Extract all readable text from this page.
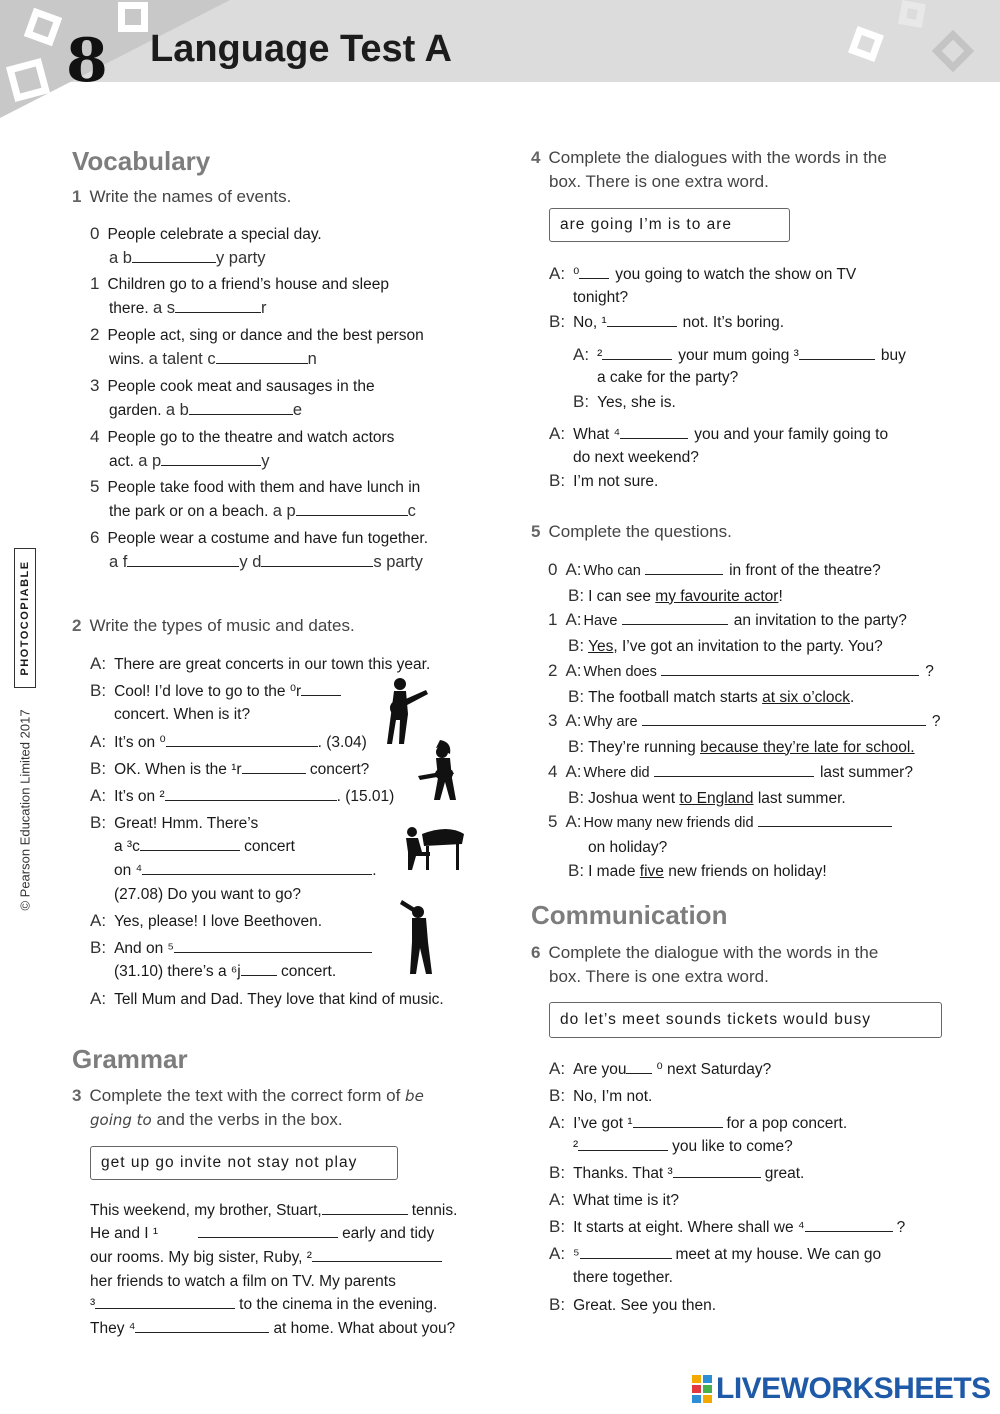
8 Language Test A
PHOTOCOPIABLE
© Pearson Education Limited 2017
Vocabulary
1 Write the names of events.
0 People celebrate a special day.
a b	y party
1 Children go to a friend’s house and sleep
there. a s	r
2 People act, sing or dance and the best person
wins. a talent c	n
3 People cook meat and sausages in the
garden. a b	e
4 People go to the theatre and watch actors
act. a p	y
5 People take food with them and have lunch in
the park or on a beach. a p	c
6 People wear a costume and have fun together.
a f	y d	s party
2 Write the types of music and dates.
A: There are great concerts in our town this year.
B: Cool! I’d love to go to the ⁰r
concert. When is it?
A: It’s on ⁰	. (3.04)
B: OK. When is the ¹r	concert?
A: It’s on ²	. (15.01)
B: Great! Hmm. There’s
a ³c	concert
on ⁴	.
(27.08) Do you want to go?
A: Yes, please! I love Beethoven.
B: And on ⁵
(31.10) there’s a ⁶j concert.
A: Tell Mum and Dad. They love that kind of music.
Grammar
3 Complete the text with the correct form of be
going to and the verbs in the box.
get up go invite not stay not play
This weekend, my brother, Stuart,	tennis.
He and I ¹	early and tidy
our rooms. My big sister, Ruby, ²
her friends to watch a film on TV. My parents
³	to the cinema in the evening.
They ⁴	at home. What about you?
4 Complete the dialogues with the words in the
box. There is one extra word.
are going I’m is to are
A: ⁰ you going to watch the show on TV
tonight?
B: No, ¹	not. It’s boring.
A: ²	your mum going ³	buy
a cake for the party?
B: Yes, she is.
A: What ⁴	you and your family going to
do next weekend?
B: I’m not sure.
5 Complete the questions.
0 A: Who can	in front of the theatre?
B: I can see my favourite actor!
1 A: Have	an invitation to the party?
B: Yes, I’ve got an invitation to the party. You?
2 A: When does	?
B: The football match starts at six o’clock.
3 A: Why are	?
B: They’re running because they’re late for school.
4 A: Where did	last summer?
B: Joshua went to England last summer.
5 A: How many new friends did
on holiday?
B: I made five new friends on holiday!
Communication
6 Complete the dialogue with the words in the
box. There is one extra word.
do let’s meet sounds tickets would busy
A: Are you ⁰ next Saturday?
B: No, I’m not.
A: I’ve got ¹	for a pop concert.
²	you like to come?
B: Thanks. That ³	great.
A: What time is it?
B: It starts at eight. Where shall we ⁴	?
A: ⁵	meet at my house. We can go
there together.
B: Great. See you then.
LIVEWORKSHEETS
